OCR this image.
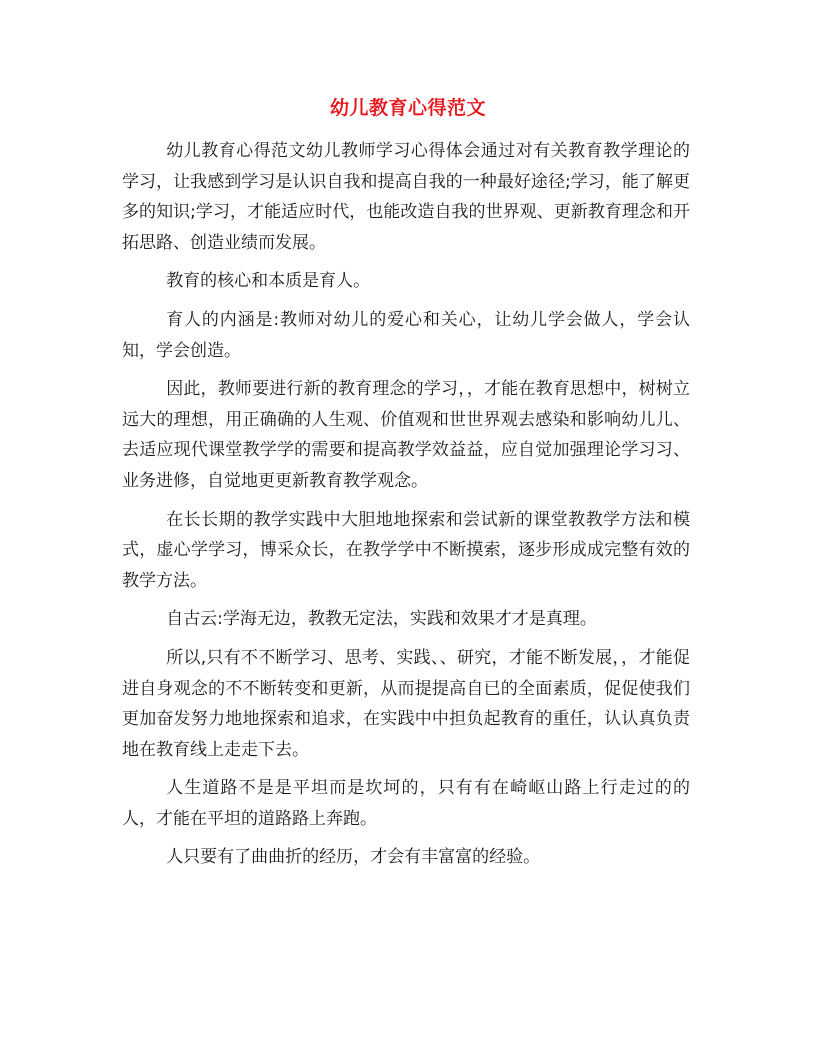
幼儿教育心得范文

幼儿教育心得范文幼儿教师学习心得体会通过对有关教育教学理论的学习，让我感到学习是认识自我和提高自我的一种最好途径;学习，能了解更多的知识;学习，才能适应时代，也能改造自我的世界观、更新教育理念和开拓思路、创造业绩而发展。

教育的核心和本质是育人。

育人的内涵是:教师对幼儿的爱心和关心，让幼儿学会做人，学会认知，学会创造。

因此，教师要进行新的教育理念的学习，，才能在教育思想中，树树立远大的理想，用正确确的人生观、价值观和世世界观去感染和影响幼儿儿、去适应现代课堂教学学的需要和提高教学效益益，应自觉加强理论学习习、业务进修，自觉地更更新教育教学观念。

在长长期的教学实践中大胆地地探索和尝试新的课堂教教学方法和模式，虚心学学习，博采众长，在教学学中不断摸索，逐步形成成完整有效的教学方法。

自古云:学海无边，教教无定法，实践和效果才才是真理。

所以,只有不不断学习、思考、实践、、研究，才能不断发展，，才能促进自身观念的不不断转变和更新，从而提提高自已的全面素质，促促使我们更加奋发努力地地探索和追求，在实践中中担负起教育的重任，认认真负责地在教育线上走走下去。

人生道路不是是平坦而是坎坷的，只有有在崎岖山路上行走过的的人，才能在平坦的道路路上奔跑。

人只要有了曲曲折的经历，才会有丰富富的经验。
